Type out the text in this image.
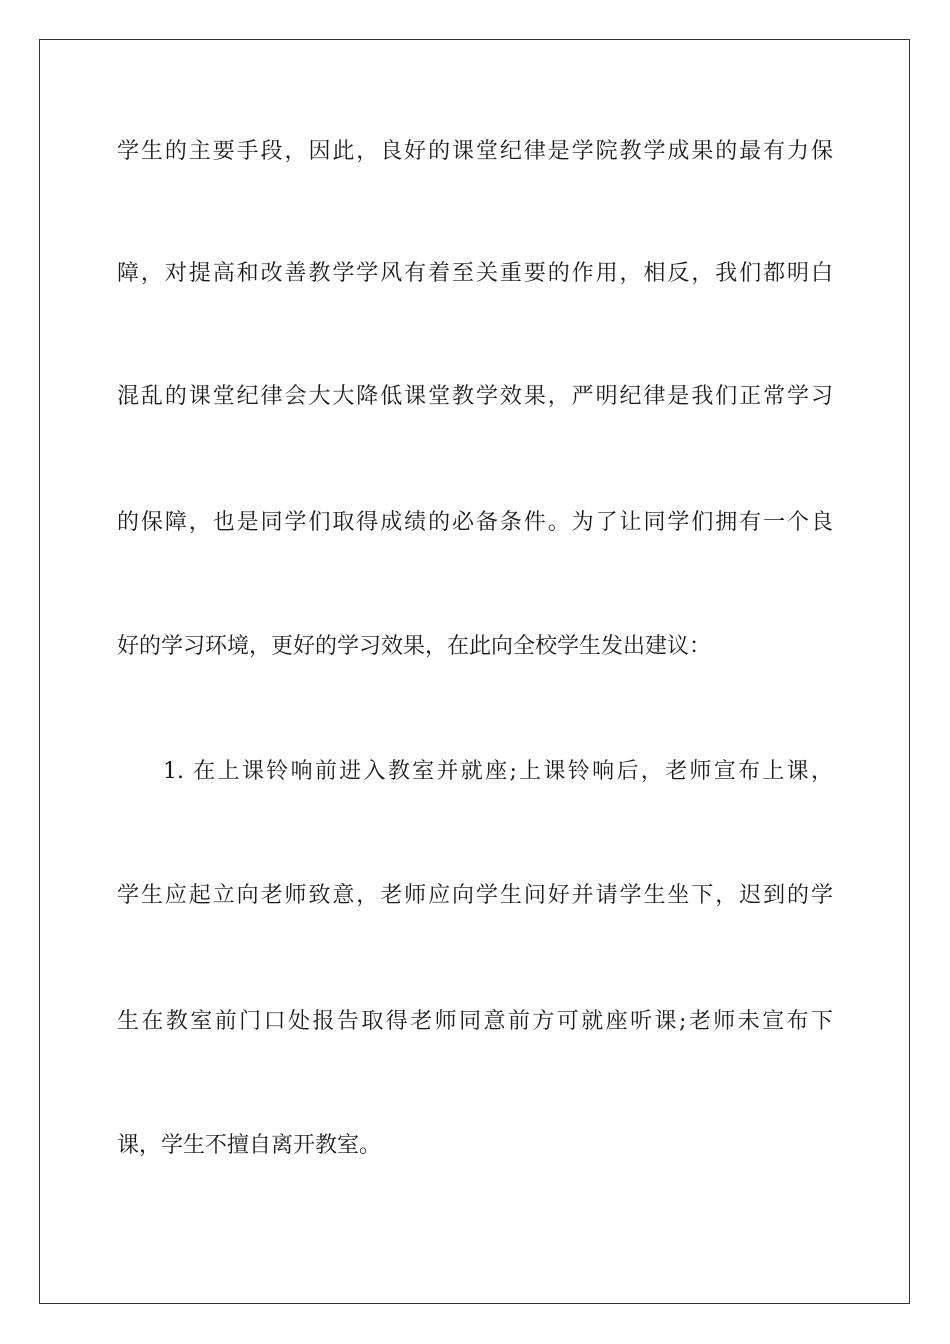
学生的主要手段，因此，良好的课堂纪律是学院教学成果的最有力保
障，对提高和改善教学学风有着至关重要的作用，相反，我们都明白
混乱的课堂纪律会大大降低课堂教学效果，严明纪律是我们正常学习
的保障，也是同学们取得成绩的必备条件。为了让同学们拥有一个良
好的学习环境，更好的学习效果，在此向全校学生发出建议：
1. 在上课铃响前进入教室并就座;上课铃响后，老师宣布上课，
学生应起立向老师致意，老师应向学生问好并请学生坐下，迟到的学
生在教室前门口处报告取得老师同意前方可就座听课;老师未宣布下
课，学生不擅自离开教室。
